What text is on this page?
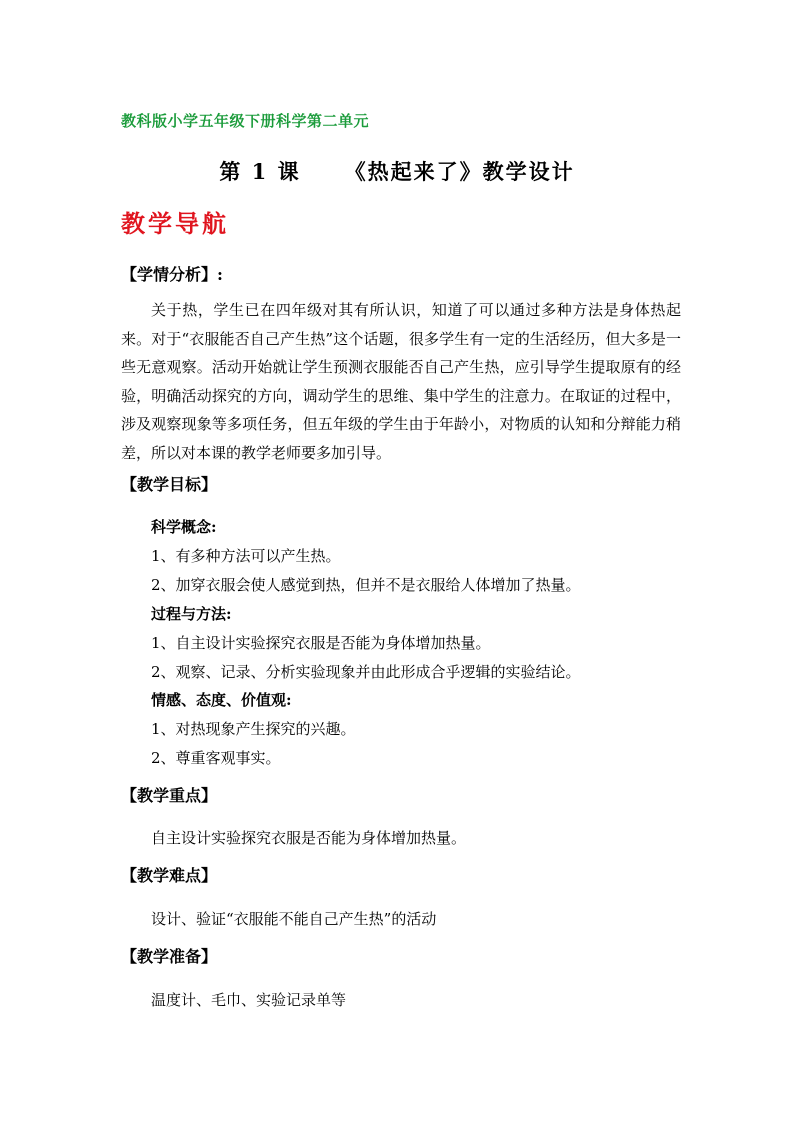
教科版小学五年级下册科学第二单元
第 1 课 《热起来了》教学设计
教学导航
【学情分析】:
关于热，学生已在四年级对其有所认识，知道了可以通过多种方法是身体热起来。对于“衣服能否自己产生热”这个话题，很多学生有一定的生活经历，但大多是一些无意观察。活动开始就让学生预测衣服能否自己产生热，应引导学生提取原有的经验，明确活动探究的方向，调动学生的思维、集中学生的注意力。在取证的过程中，涉及观察现象等多项任务，但五年级的学生由于年龄小，对物质的认知和分辩能力稍差，所以对本课的教学老师要多加引导。
【教学目标】
科学概念:
1、有多种方法可以产生热。
2、加穿衣服会使人感觉到热，但并不是衣服给人体增加了热量。
过程与方法:
1、自主设计实验探究衣服是否能为身体增加热量。
2、观察、记录、分析实验现象并由此形成合乎逻辑的实验结论。
情感、态度、价值观:
1、对热现象产生探究的兴趣。
2、尊重客观事实。
【教学重点】
自主设计实验探究衣服是否能为身体增加热量。
【教学难点】
设计、验证“衣服能不能自己产生热”的活动
【教学准备】
温度计、毛巾、实验记录单等
